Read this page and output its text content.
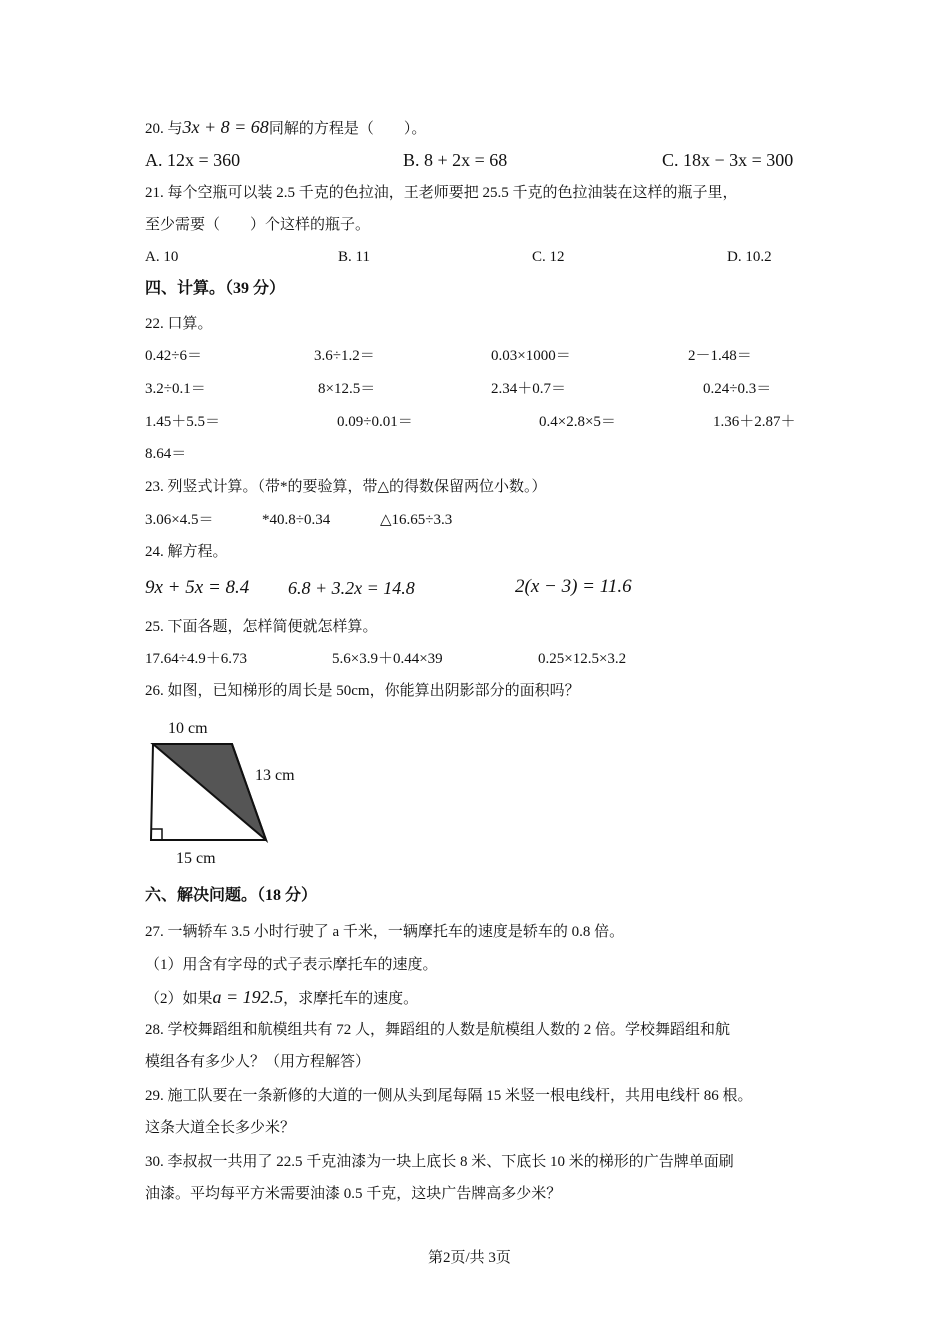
20. 与3x + 8 = 68同解的方程是（　　）。
A. 12x = 360	B. 8 + 2x = 68	C. 18x − 3x = 300
21. 每个空瓶可以装 2.5 千克的色拉油，王老师要把 25.5 千克的色拉油装在这样的瓶子里，
至少需要（　　）个这样的瓶子。
A. 10	B. 11	C. 12	D. 10.2
四、计算。（39 分）
22. 口算。
0.42÷6＝	3.6÷1.2＝	0.03×1000＝	2－1.48＝
3.2÷0.1＝	8×12.5＝	2.34＋0.7＝	0.24÷0.3＝
1.45＋5.5＝	0.09÷0.01＝	0.4×2.8×5＝	1.36＋2.87＋
8.64＝
23. 列竖式计算。（带*的要验算，带△的得数保留两位小数。）
3.06×4.5＝	*40.8÷0.34	△16.65÷3.3
24. 解方程。
9x + 5x = 8.4 6.8 + 3.2x = 14.8	2(x − 3) = 11.6
25. 下面各题，怎样简便就怎样算。
17.64÷4.9＋6.73	5.6×3.9＋0.44×39	0.25×12.5×3.2
26. 如图，已知梯形的周长是 50cm，你能算出阴影部分的面积吗？
10 cm
13 cm
15 cm
六、解决问题。（18 分）
27. 一辆轿车 3.5 小时行驶了 a 千米，一辆摩托车的速度是轿车的 0.8 倍。
（1）用含有字母的式子表示摩托车的速度。
（2）如果a = 192.5，求摩托车的速度。
28. 学校舞蹈组和航模组共有 72 人，舞蹈组的人数是航模组人数的 2 倍。学校舞蹈组和航
模组各有多少人？（用方程解答）
29. 施工队要在一条新修的大道的一侧从头到尾每隔 15 米竖一根电线杆，共用电线杆 86 根。
这条大道全长多少米？
30. 李叔叔一共用了 22.5 千克油漆为一块上底长 8 米、下底长 10 米的梯形的广告牌单面刷
油漆。平均每平方米需要油漆 0.5 千克，这块广告牌高多少米？
第2页/共 3页
